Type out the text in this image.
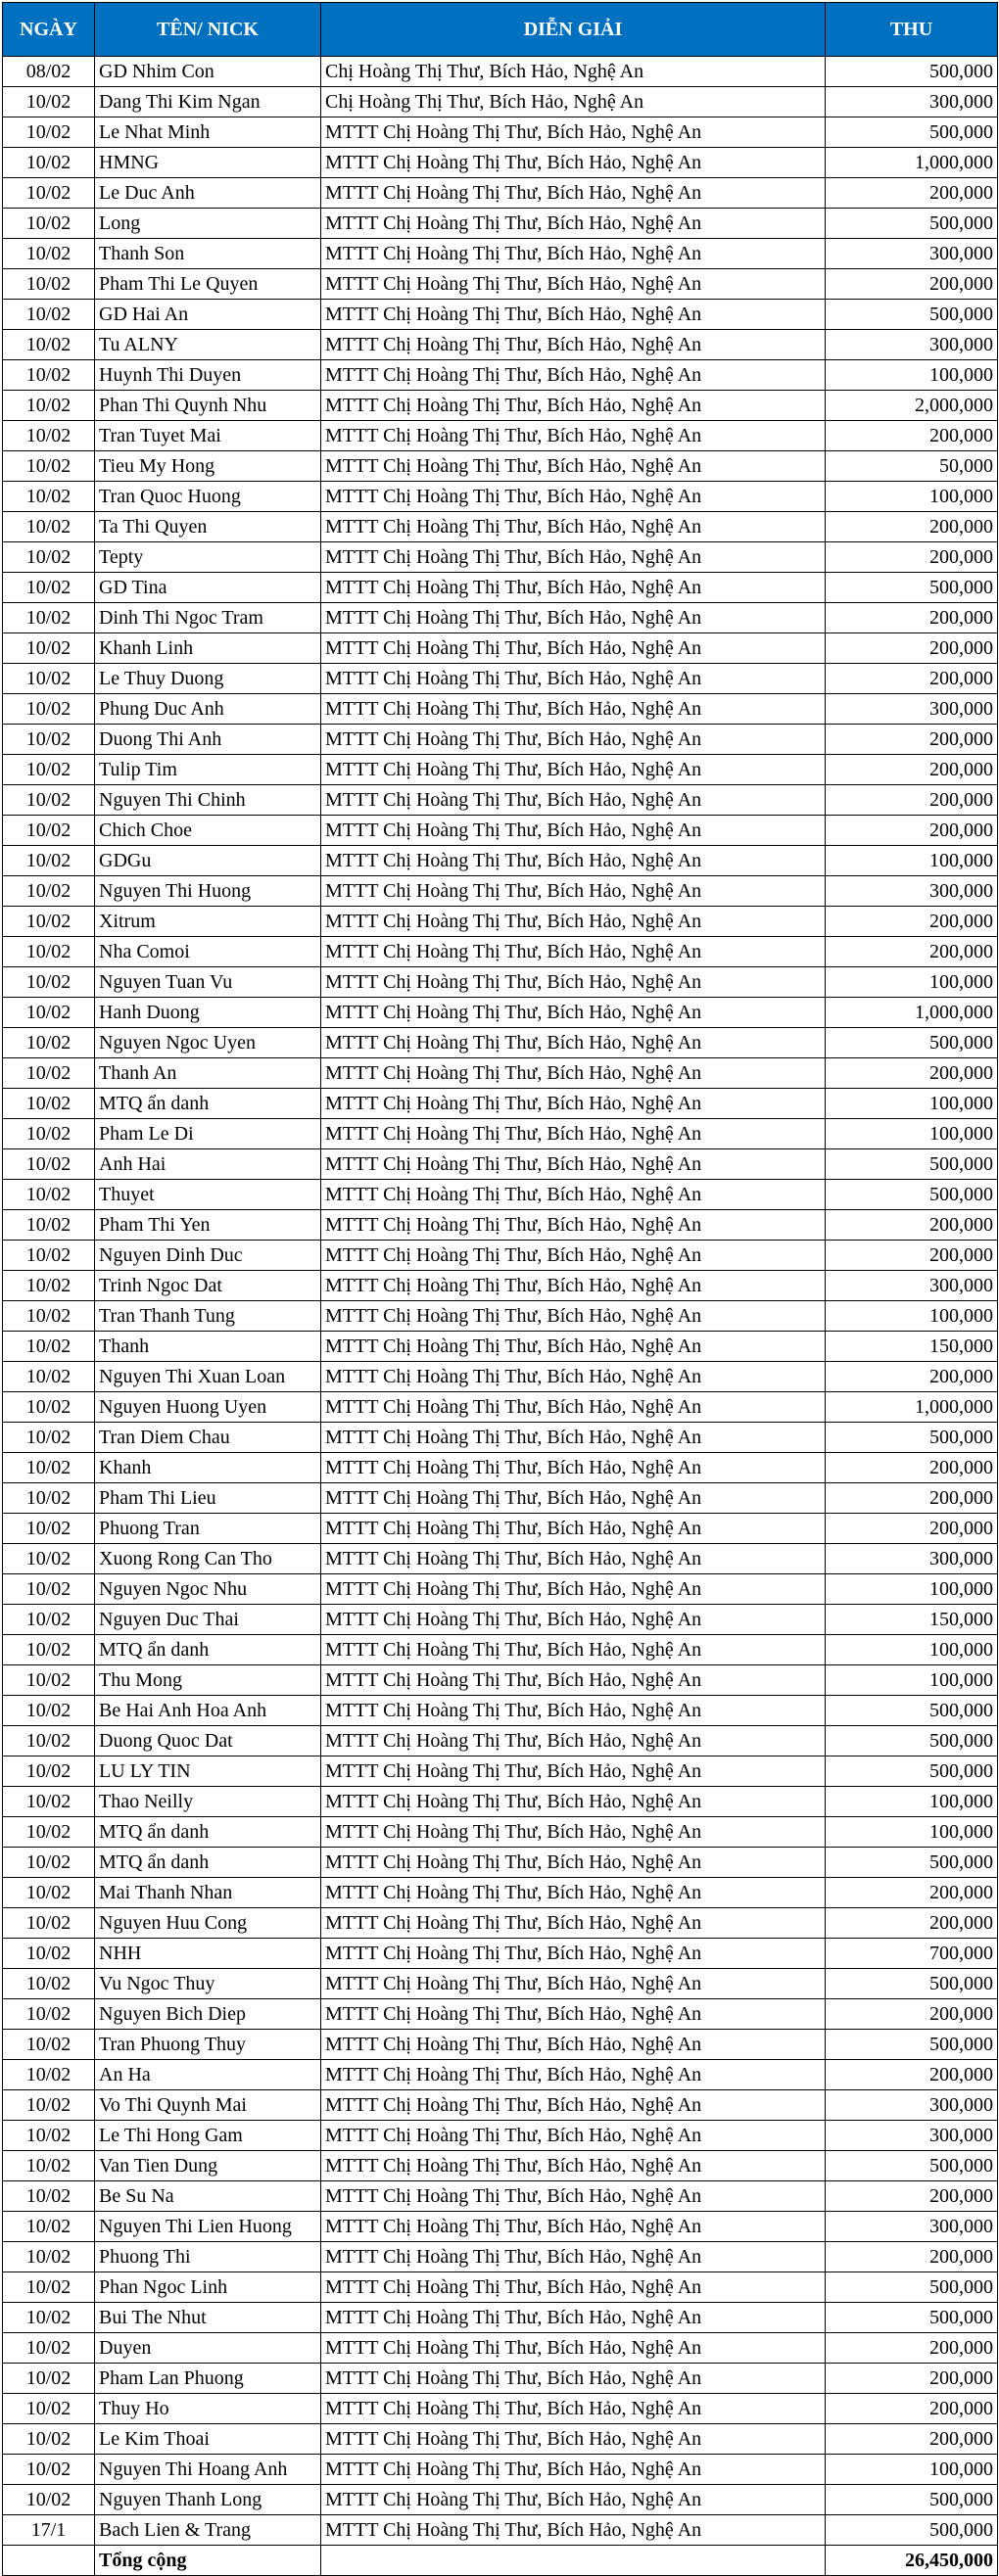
NGÀY	TÊN/ NICK	DIỄN GIẢI	THU
08/02	GD Nhim Con	Chị Hoàng Thị Thư, Bích Hảo, Nghệ An	500,000
10/02	Dang Thi Kim Ngan	Chị Hoàng Thị Thư, Bích Hảo, Nghệ An	300,000
10/02	Le Nhat Minh	MTTT Chị Hoàng Thị Thư, Bích Hảo, Nghệ An	500,000
10/02	HMNG	MTTT Chị Hoàng Thị Thư, Bích Hảo, Nghệ An	1,000,000
10/02	Le Duc Anh	MTTT Chị Hoàng Thị Thư, Bích Hảo, Nghệ An	200,000
10/02	Long	MTTT Chị Hoàng Thị Thư, Bích Hảo, Nghệ An	500,000
10/02	Thanh Son	MTTT Chị Hoàng Thị Thư, Bích Hảo, Nghệ An	300,000
10/02	Pham Thi Le Quyen	MTTT Chị Hoàng Thị Thư, Bích Hảo, Nghệ An	200,000
10/02	GD Hai An	MTTT Chị Hoàng Thị Thư, Bích Hảo, Nghệ An	500,000
10/02	Tu ALNY	MTTT Chị Hoàng Thị Thư, Bích Hảo, Nghệ An	300,000
10/02	Huynh Thi Duyen	MTTT Chị Hoàng Thị Thư, Bích Hảo, Nghệ An	100,000
10/02	Phan Thi Quynh Nhu	MTTT Chị Hoàng Thị Thư, Bích Hảo, Nghệ An	2,000,000
10/02	Tran Tuyet Mai	MTTT Chị Hoàng Thị Thư, Bích Hảo, Nghệ An	200,000
10/02	Tieu My Hong	MTTT Chị Hoàng Thị Thư, Bích Hảo, Nghệ An	50,000
10/02	Tran Quoc Huong	MTTT Chị Hoàng Thị Thư, Bích Hảo, Nghệ An	100,000
10/02	Ta Thi Quyen	MTTT Chị Hoàng Thị Thư, Bích Hảo, Nghệ An	200,000
10/02	Tepty	MTTT Chị Hoàng Thị Thư, Bích Hảo, Nghệ An	200,000
10/02	GD Tina	MTTT Chị Hoàng Thị Thư, Bích Hảo, Nghệ An	500,000
10/02	Dinh Thi Ngoc Tram	MTTT Chị Hoàng Thị Thư, Bích Hảo, Nghệ An	200,000
10/02	Khanh Linh	MTTT Chị Hoàng Thị Thư, Bích Hảo, Nghệ An	200,000
10/02	Le Thuy Duong	MTTT Chị Hoàng Thị Thư, Bích Hảo, Nghệ An	200,000
10/02	Phung Duc Anh	MTTT Chị Hoàng Thị Thư, Bích Hảo, Nghệ An	300,000
10/02	Duong Thi Anh	MTTT Chị Hoàng Thị Thư, Bích Hảo, Nghệ An	200,000
10/02	Tulip Tim	MTTT Chị Hoàng Thị Thư, Bích Hảo, Nghệ An	200,000
10/02	Nguyen Thi Chinh	MTTT Chị Hoàng Thị Thư, Bích Hảo, Nghệ An	200,000
10/02	Chich Choe	MTTT Chị Hoàng Thị Thư, Bích Hảo, Nghệ An	200,000
10/02	GDGu	MTTT Chị Hoàng Thị Thư, Bích Hảo, Nghệ An	100,000
10/02	Nguyen Thi Huong	MTTT Chị Hoàng Thị Thư, Bích Hảo, Nghệ An	300,000
10/02	Xitrum	MTTT Chị Hoàng Thị Thư, Bích Hảo, Nghệ An	200,000
10/02	Nha Comoi	MTTT Chị Hoàng Thị Thư, Bích Hảo, Nghệ An	200,000
10/02	Nguyen Tuan Vu	MTTT Chị Hoàng Thị Thư, Bích Hảo, Nghệ An	100,000
10/02	Hanh Duong	MTTT Chị Hoàng Thị Thư, Bích Hảo, Nghệ An	1,000,000
10/02	Nguyen Ngoc Uyen	MTTT Chị Hoàng Thị Thư, Bích Hảo, Nghệ An	500,000
10/02	Thanh An	MTTT Chị Hoàng Thị Thư, Bích Hảo, Nghệ An	200,000
10/02	MTQ ẩn danh	MTTT Chị Hoàng Thị Thư, Bích Hảo, Nghệ An	100,000
10/02	Pham Le Di	MTTT Chị Hoàng Thị Thư, Bích Hảo, Nghệ An	100,000
10/02	Anh Hai	MTTT Chị Hoàng Thị Thư, Bích Hảo, Nghệ An	500,000
10/02	Thuyet	MTTT Chị Hoàng Thị Thư, Bích Hảo, Nghệ An	500,000
10/02	Pham Thi Yen	MTTT Chị Hoàng Thị Thư, Bích Hảo, Nghệ An	200,000
10/02	Nguyen Dinh Duc	MTTT Chị Hoàng Thị Thư, Bích Hảo, Nghệ An	200,000
10/02	Trinh Ngoc Dat	MTTT Chị Hoàng Thị Thư, Bích Hảo, Nghệ An	300,000
10/02	Tran Thanh Tung	MTTT Chị Hoàng Thị Thư, Bích Hảo, Nghệ An	100,000
10/02	Thanh	MTTT Chị Hoàng Thị Thư, Bích Hảo, Nghệ An	150,000
10/02	Nguyen Thi Xuan Loan	MTTT Chị Hoàng Thị Thư, Bích Hảo, Nghệ An	200,000
10/02	Nguyen Huong Uyen	MTTT Chị Hoàng Thị Thư, Bích Hảo, Nghệ An	1,000,000
10/02	Tran Diem Chau	MTTT Chị Hoàng Thị Thư, Bích Hảo, Nghệ An	500,000
10/02	Khanh	MTTT Chị Hoàng Thị Thư, Bích Hảo, Nghệ An	200,000
10/02	Pham Thi Lieu	MTTT Chị Hoàng Thị Thư, Bích Hảo, Nghệ An	200,000
10/02	Phuong Tran	MTTT Chị Hoàng Thị Thư, Bích Hảo, Nghệ An	200,000
10/02	Xuong Rong Can Tho	MTTT Chị Hoàng Thị Thư, Bích Hảo, Nghệ An	300,000
10/02	Nguyen Ngoc Nhu	MTTT Chị Hoàng Thị Thư, Bích Hảo, Nghệ An	100,000
10/02	Nguyen Duc Thai	MTTT Chị Hoàng Thị Thư, Bích Hảo, Nghệ An	150,000
10/02	MTQ ẩn danh	MTTT Chị Hoàng Thị Thư, Bích Hảo, Nghệ An	100,000
10/02	Thu Mong	MTTT Chị Hoàng Thị Thư, Bích Hảo, Nghệ An	100,000
10/02	Be Hai Anh Hoa Anh	MTTT Chị Hoàng Thị Thư, Bích Hảo, Nghệ An	500,000
10/02	Duong Quoc Dat	MTTT Chị Hoàng Thị Thư, Bích Hảo, Nghệ An	500,000
10/02	LU LY TIN	MTTT Chị Hoàng Thị Thư, Bích Hảo, Nghệ An	500,000
10/02	Thao Neilly	MTTT Chị Hoàng Thị Thư, Bích Hảo, Nghệ An	100,000
10/02	MTQ ẩn danh	MTTT Chị Hoàng Thị Thư, Bích Hảo, Nghệ An	100,000
10/02	MTQ ẩn danh	MTTT Chị Hoàng Thị Thư, Bích Hảo, Nghệ An	500,000
10/02	Mai Thanh Nhan	MTTT Chị Hoàng Thị Thư, Bích Hảo, Nghệ An	200,000
10/02	Nguyen Huu Cong	MTTT Chị Hoàng Thị Thư, Bích Hảo, Nghệ An	200,000
10/02	NHH	MTTT Chị Hoàng Thị Thư, Bích Hảo, Nghệ An	700,000
10/02	Vu Ngoc Thuy	MTTT Chị Hoàng Thị Thư, Bích Hảo, Nghệ An	500,000
10/02	Nguyen Bich Diep	MTTT Chị Hoàng Thị Thư, Bích Hảo, Nghệ An	200,000
10/02	Tran Phuong Thuy	MTTT Chị Hoàng Thị Thư, Bích Hảo, Nghệ An	500,000
10/02	An Ha	MTTT Chị Hoàng Thị Thư, Bích Hảo, Nghệ An	200,000
10/02	Vo Thi Quynh Mai	MTTT Chị Hoàng Thị Thư, Bích Hảo, Nghệ An	300,000
10/02	Le Thi Hong Gam	MTTT Chị Hoàng Thị Thư, Bích Hảo, Nghệ An	300,000
10/02	Van Tien Dung	MTTT Chị Hoàng Thị Thư, Bích Hảo, Nghệ An	500,000
10/02	Be Su Na	MTTT Chị Hoàng Thị Thư, Bích Hảo, Nghệ An	200,000
10/02	Nguyen Thi Lien Huong	MTTT Chị Hoàng Thị Thư, Bích Hảo, Nghệ An	300,000
10/02	Phuong Thi	MTTT Chị Hoàng Thị Thư, Bích Hảo, Nghệ An	200,000
10/02	Phan Ngoc Linh	MTTT Chị Hoàng Thị Thư, Bích Hảo, Nghệ An	500,000
10/02	Bui The Nhut	MTTT Chị Hoàng Thị Thư, Bích Hảo, Nghệ An	500,000
10/02	Duyen	MTTT Chị Hoàng Thị Thư, Bích Hảo, Nghệ An	200,000
10/02	Pham Lan Phuong	MTTT Chị Hoàng Thị Thư, Bích Hảo, Nghệ An	200,000
10/02	Thuy Ho	MTTT Chị Hoàng Thị Thư, Bích Hảo, Nghệ An	200,000
10/02	Le Kim Thoai	MTTT Chị Hoàng Thị Thư, Bích Hảo, Nghệ An	200,000
10/02	Nguyen Thi Hoang Anh	MTTT Chị Hoàng Thị Thư, Bích Hảo, Nghệ An	100,000
10/02	Nguyen Thanh Long	MTTT Chị Hoàng Thị Thư, Bích Hảo, Nghệ An	500,000
17/1	Bach Lien & Trang	MTTT Chị Hoàng Thị Thư, Bích Hảo, Nghệ An	500,000
	Tổng cộng		26,450,000
